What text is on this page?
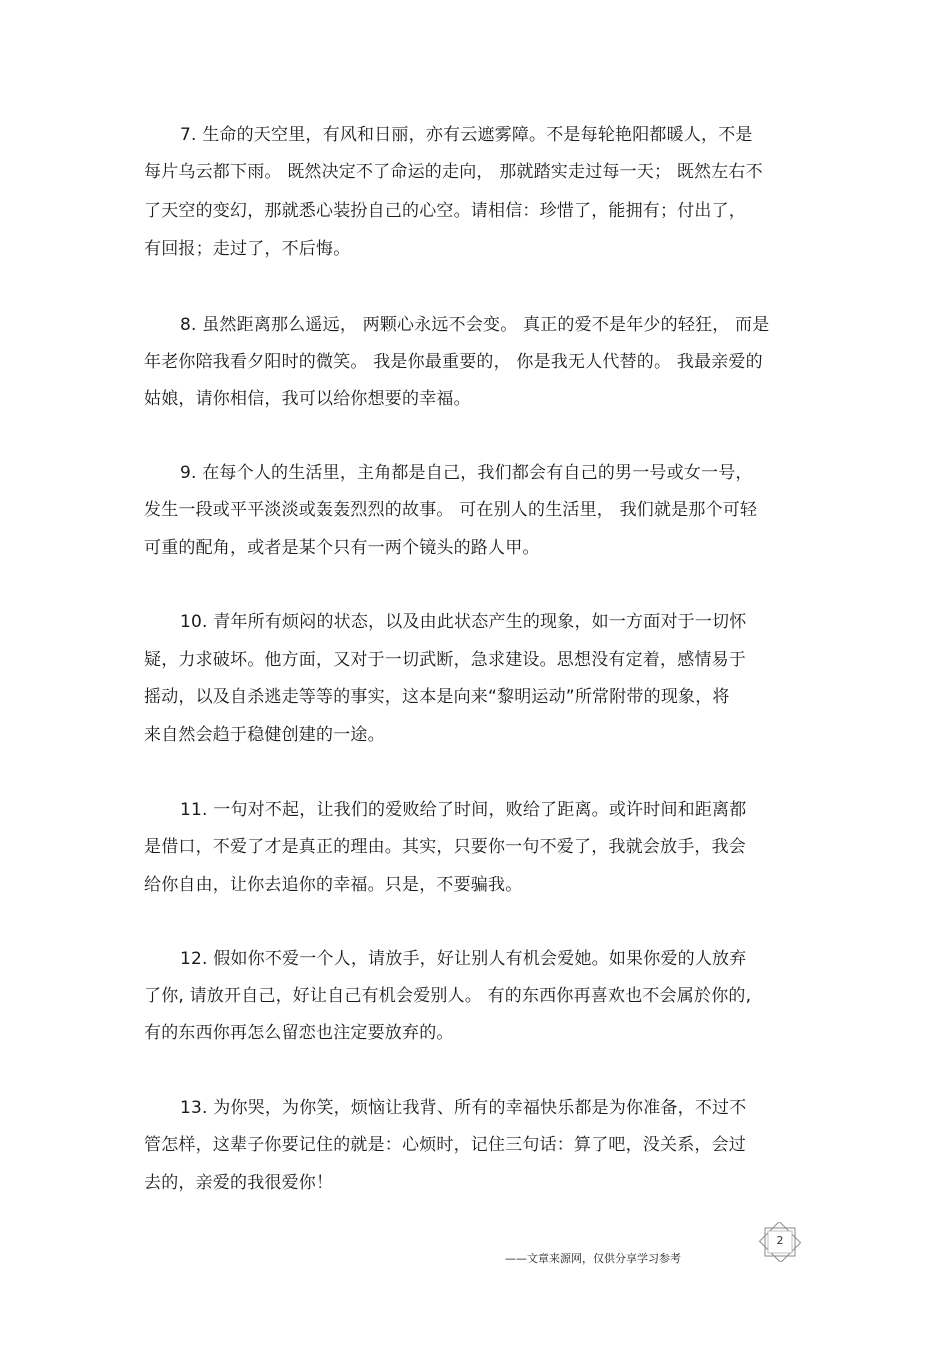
7. 生命的天空里，有风和日丽，亦有云遮雾障。不是每轮艳阳都暖人，不是
每片乌云都下雨。 既然决定不了命运的走向， 那就踏实走过每一天； 既然左右不
了天空的变幻，那就悉心装扮自己的心空。请相信：珍惜了，能拥有；付出了，
有回报；走过了，不后悔。
8. 虽然距离那么遥远， 两颗心永远不会变。 真正的爱不是年少的轻狂， 而是
年老你陪我看夕阳时的微笑。 我是你最重要的， 你是我无人代替的。 我最亲爱的
姑娘，请你相信，我可以给你想要的幸福。
9. 在每个人的生活里，主角都是自己，我们都会有自己的男一号或女一号，
发生一段或平平淡淡或轰轰烈烈的故事。 可在别人的生活里， 我们就是那个可轻
可重的配角，或者是某个只有一两个镜头的路人甲。
10. 青年所有烦闷的状态，以及由此状态产生的现象，如一方面对于一切怀
疑，力求破坏。他方面，又对于一切武断，急求建设。思想没有定着，感情易于
摇动，以及自杀逃走等等的事实，这本是向来“黎明运动”所常附带的现象，将
来自然会趋于稳健创建的一途。
11. 一句对不起，让我们的爱败给了时间，败给了距离。或许时间和距离都
是借口，不爱了才是真正的理由。其实，只要你一句不爱了，我就会放手，我会
给你自由，让你去追你的幸福。只是，不要骗我。
12. 假如你不爱一个人，请放手，好让别人有机会爱她。如果你爱的人放弃
了你, 请放开自己，好让自己有机会爱别人。 有的东西你再喜欢也不会属於你的,
有的东西你再怎么留恋也注定要放弃的。
13. 为你哭，为你笑，烦恼让我背、所有的幸福快乐都是为你准备，不过不
管怎样，这辈子你要记住的就是：心烦时，记住三句话：算了吧，没关系，会过
去的，亲爱的我很爱你！
——文章来源网，仅供分享学习参考
2
